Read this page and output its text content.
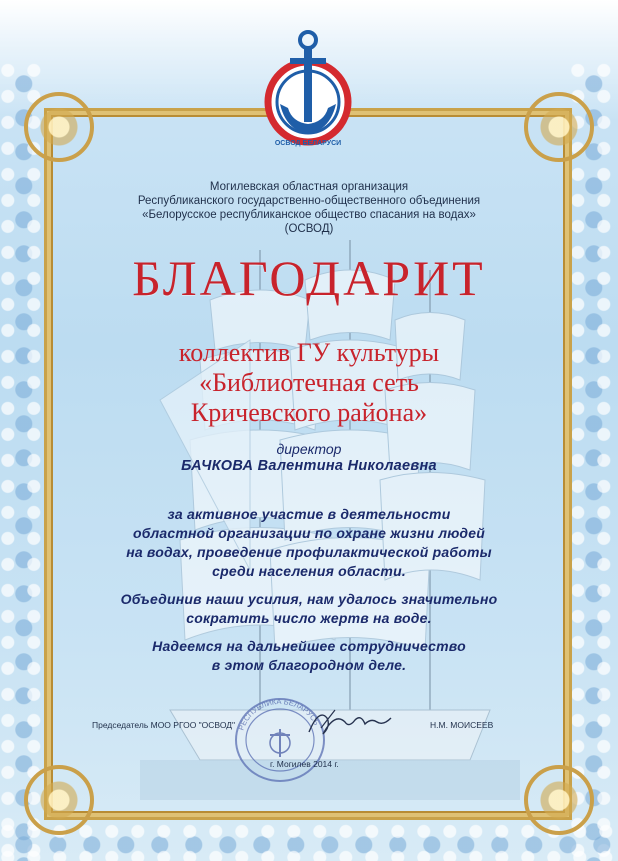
ОСВОД БЕЛАРУСИ
Могилевская областная организация
Республиканского государственно-общественного объединения
«Белорусское республиканское общество спасания на водах»
(ОСВОД)
БЛАГОДАРИТ
коллектив ГУ культуры
«Библиотечная сеть
Кричевского района»
директор
БАЧКОВА Валентина Николаевна
за активное участие в деятельности
областной организации по охране жизни людей
на водах, проведение профилактической работы
среди населения области.
Объединив наши усилия, нам удалось значительно
сократить число жертв на воде.
Надеемся на дальнейшее сотрудничество
в этом благородном деле.
РЕСПУБЛИКА БЕЛАРУСЬ
Председатель МОО РГОО "ОСВОД"	Н.М. МОИСЕЕВ
г. Могилев 2014 г.
